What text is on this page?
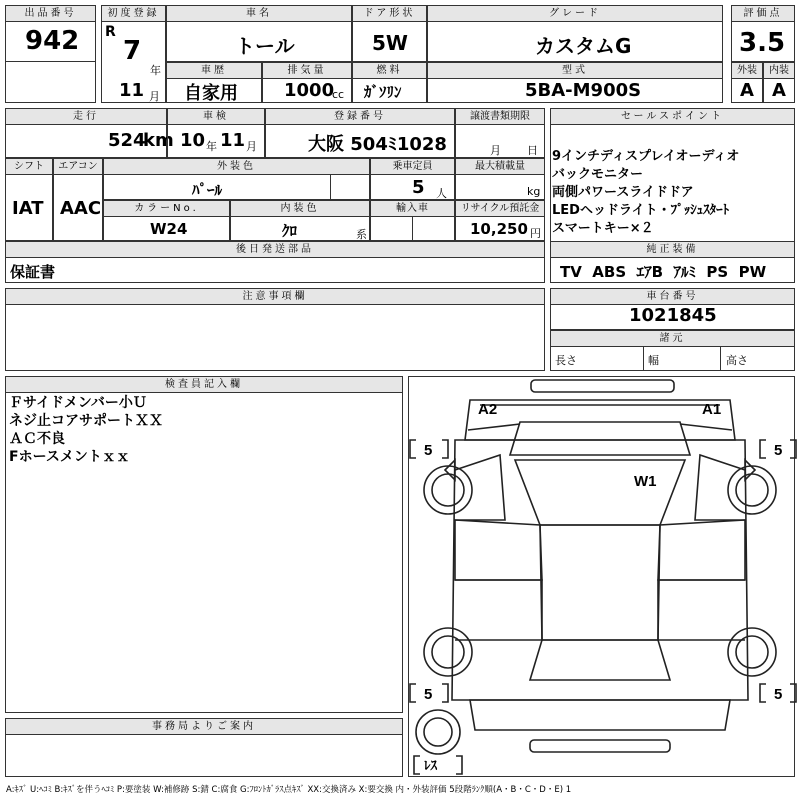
出品番号
942
初度登録
R
7
年
11 月
車名
トール
ドア形状
5W
グレード
カスタムG
評価点
3.5
車歴
自家用
排気量
1000
cc
燃料
ｶﾞｿﾘﾝ
型式
5BA-M900S
外装
A
内装
A
走行
524
km
車検
10 年 11 月
登録番号
大阪 504ﾐ1028
譲渡書類期限
月 日
セールスポイント
9インチディスプレイオーディオ
バックモニター
両側パワースライドドア
LEDヘッドライト・ﾌﾟｯｼｭｽﾀｰﾄ
スマートキー×２
シフト
IAT
エアコン
AAC
外装色
ﾊﾟｰﾙ
乗車定員
5 人
最大積載量
kg
カラーNo.
W24
内装色
ｸﾛ	系
輸入車	リサイクル預託金
10,250 円
後日発送部品
保証書
純正装備
TV  ABS  ｴｱB  ｱﾙﾐ  PS  PW
注意事項欄	車台番号
1021845
諸元
長さ	幅	高さ
検査員記入欄
Ｆサイドメンバー小Ｕ
ネジ止コアサポートＸＸ
ＡＣ不良
Fホースメントｘｘ
事務局よりご案内
A2	A1
W1
5	5
5	5
ﾚｽ
A:ｷｽﾞ U:ﾍｺﾐ B:ｷｽﾞを伴うﾍｺﾐ P:要塗装 W:補修跡 S:錆 C:腐食 G:ﾌﾛﾝﾄｶﾞﾗｽ点ｷｽﾞ XX:交換済み X:要交換 内・外装評価 5段階ﾗﾝｸ順(A・B・C・D・E) 1
